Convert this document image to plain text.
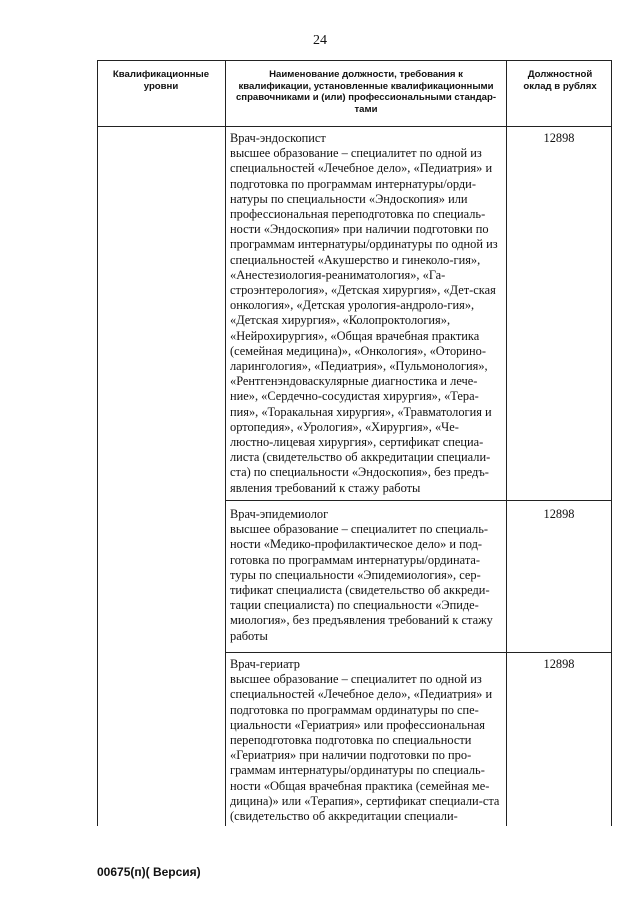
24
Квалификационные уровни
Наименование должности, требования к квалификации, установленные квалификационными справочниками и (или) профессиональными стандар-тами
Должностной оклад в рублях

Врач-эндоскопист

высшее образование – специалитет по одной из специальностей «Лечебное дело», «Педиатрия» и подготовка по программам интернатуры/орди-натуры по специальности «Эндоскопия» или профессиональная переподготовка по специаль-ности «Эндоскопия» при наличии подготовки по программам интернатуры/ординатуры по одной из специальностей «Акушерство и гинеколо-гия», «Анестезиология-реаниматология», «Га-строэнтерология», «Детская хирургия», «Дет-ская онкология», «Детская урология-андроло-гия», «Детская хирургия», «Колопроктология», «Нейрохирургия», «Общая врачебная практика (семейная медицина)», «Онкология», «Оторино-ларингология», «Педиатрия», «Пульмонология», «Рентгенэндоваскулярные диагностика и лече-ние», «Сердечно-сосудистая хирургия», «Тера-пия», «Торакальная хирургия», «Травматология и ортопедия», «Урология», «Хирургия», «Че-люстно-лицевая хирургия», сертификат специа-листа (свидетельство об аккредитации специали-ста) по специальности «Эндоскопия», без предъ-явления требований к стажу работы

12898

Врач-эпидемиолог

высшее образование – специалитет по специаль-ности «Медико-профилактическое дело» и под-готовка по программам интернатуры/ордината-туры по специальности «Эпидемиология», сер-тификат специалиста (свидетельство об аккреди-тации специалиста) по специальности «Эпиде-миология», без предъявления требований к стажу работы

12898

Врач-гериатр

высшее образование – специалитет по одной из специальностей «Лечебное дело», «Педиатрия» и подготовка по программам ординатуры по спе-циальности «Гериатрия» или профессиональная переподготовка подготовка по специальности «Гериатрия» при наличии подготовки по про-граммам интернатуры/ординатуры по специаль-ности «Общая врачебная практика (семейная ме-дицина)» или «Терапия», сертификат специали-ста (свидетельство об аккредитации специали-

12898
00675(п)( Версия)
